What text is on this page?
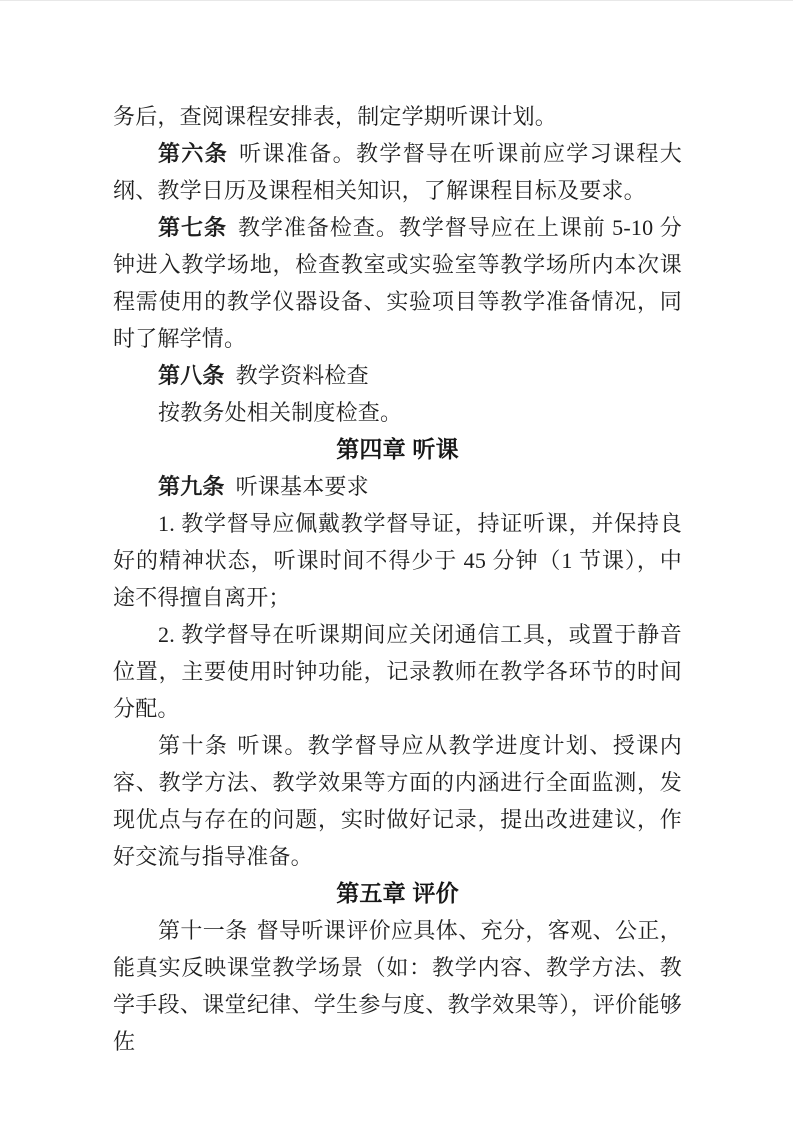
务后，查阅课程安排表，制定学期听课计划。

第六条 听课准备。教学督导在听课前应学习课程大纲、教学日历及课程相关知识，了解课程目标及要求。

第七条 教学准备检查。教学督导应在上课前 5-10 分钟进入教学场地，检查教室或实验室等教学场所内本次课程需使用的教学仪器设备、实验项目等教学准备情况，同时了解学情。

第八条 教学资料检查

按教务处相关制度检查。

第四章 听课

第九条 听课基本要求

1. 教学督导应佩戴教学督导证，持证听课，并保持良好的精神状态，听课时间不得少于 45 分钟（1 节课），中途不得擅自离开；

2. 教学督导在听课期间应关闭通信工具，或置于静音位置，主要使用时钟功能，记录教师在教学各环节的时间分配。

第十条 听课。教学督导应从教学进度计划、授课内容、教学方法、教学效果等方面的内涵进行全面监测，发现优点与存在的问题，实时做好记录，提出改进建议，作好交流与指导准备。

第五章 评价

第十一条 督导听课评价应具体、充分，客观、公正，能真实反映课堂教学场景（如：教学内容、教学方法、教学手段、课堂纪律、学生参与度、教学效果等），评价能够佐
